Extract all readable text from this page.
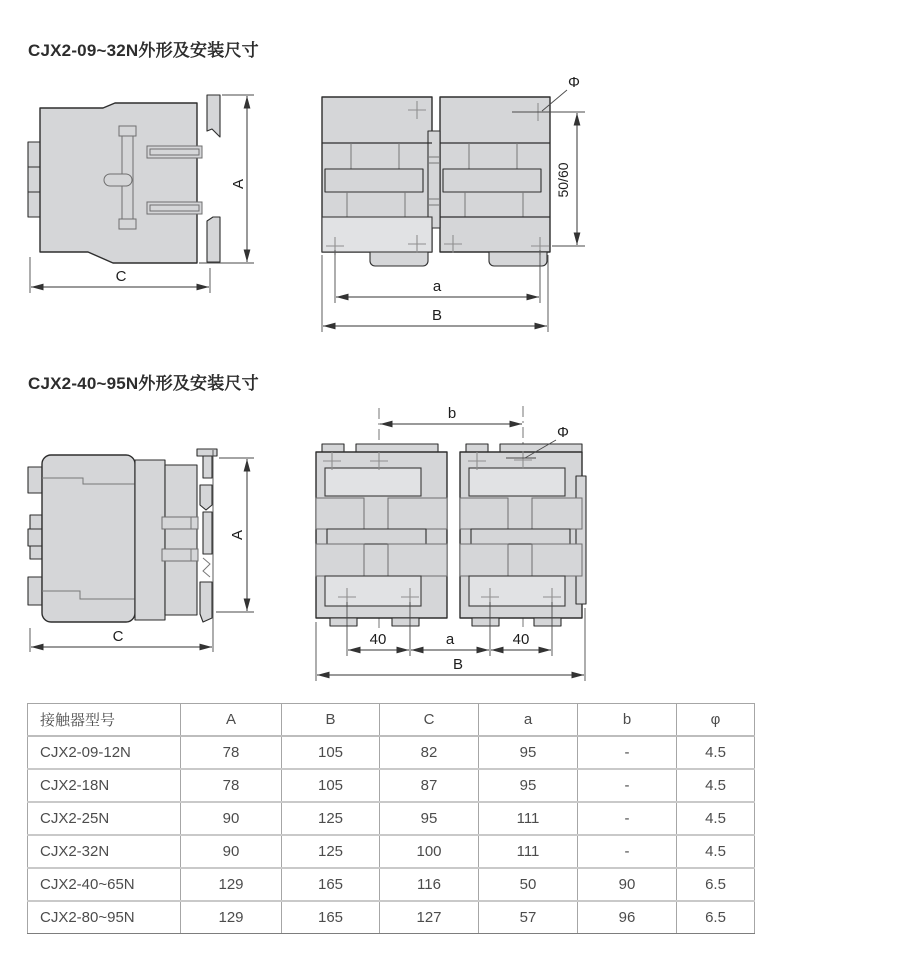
CJX2-09~32N外形及安装尺寸
A
C
Φ
50/60
a
B
CJX2-40~95N外形及安装尺寸
A
C
b
Φ
40	a	40
B
接触器型号	A	B	C	a	b	φ
CJX2-09-12N	78	105	82	95	-	4.5
CJX2-18N	78	105	87	95	-	4.5
CJX2-25N	90	125	95	111	-	4.5
CJX2-32N	90	125	100	111	-	4.5
CJX2-40~65N	129	165	116	50	90	6.5
CJX2-80~95N	129	165	127	57	96	6.5
